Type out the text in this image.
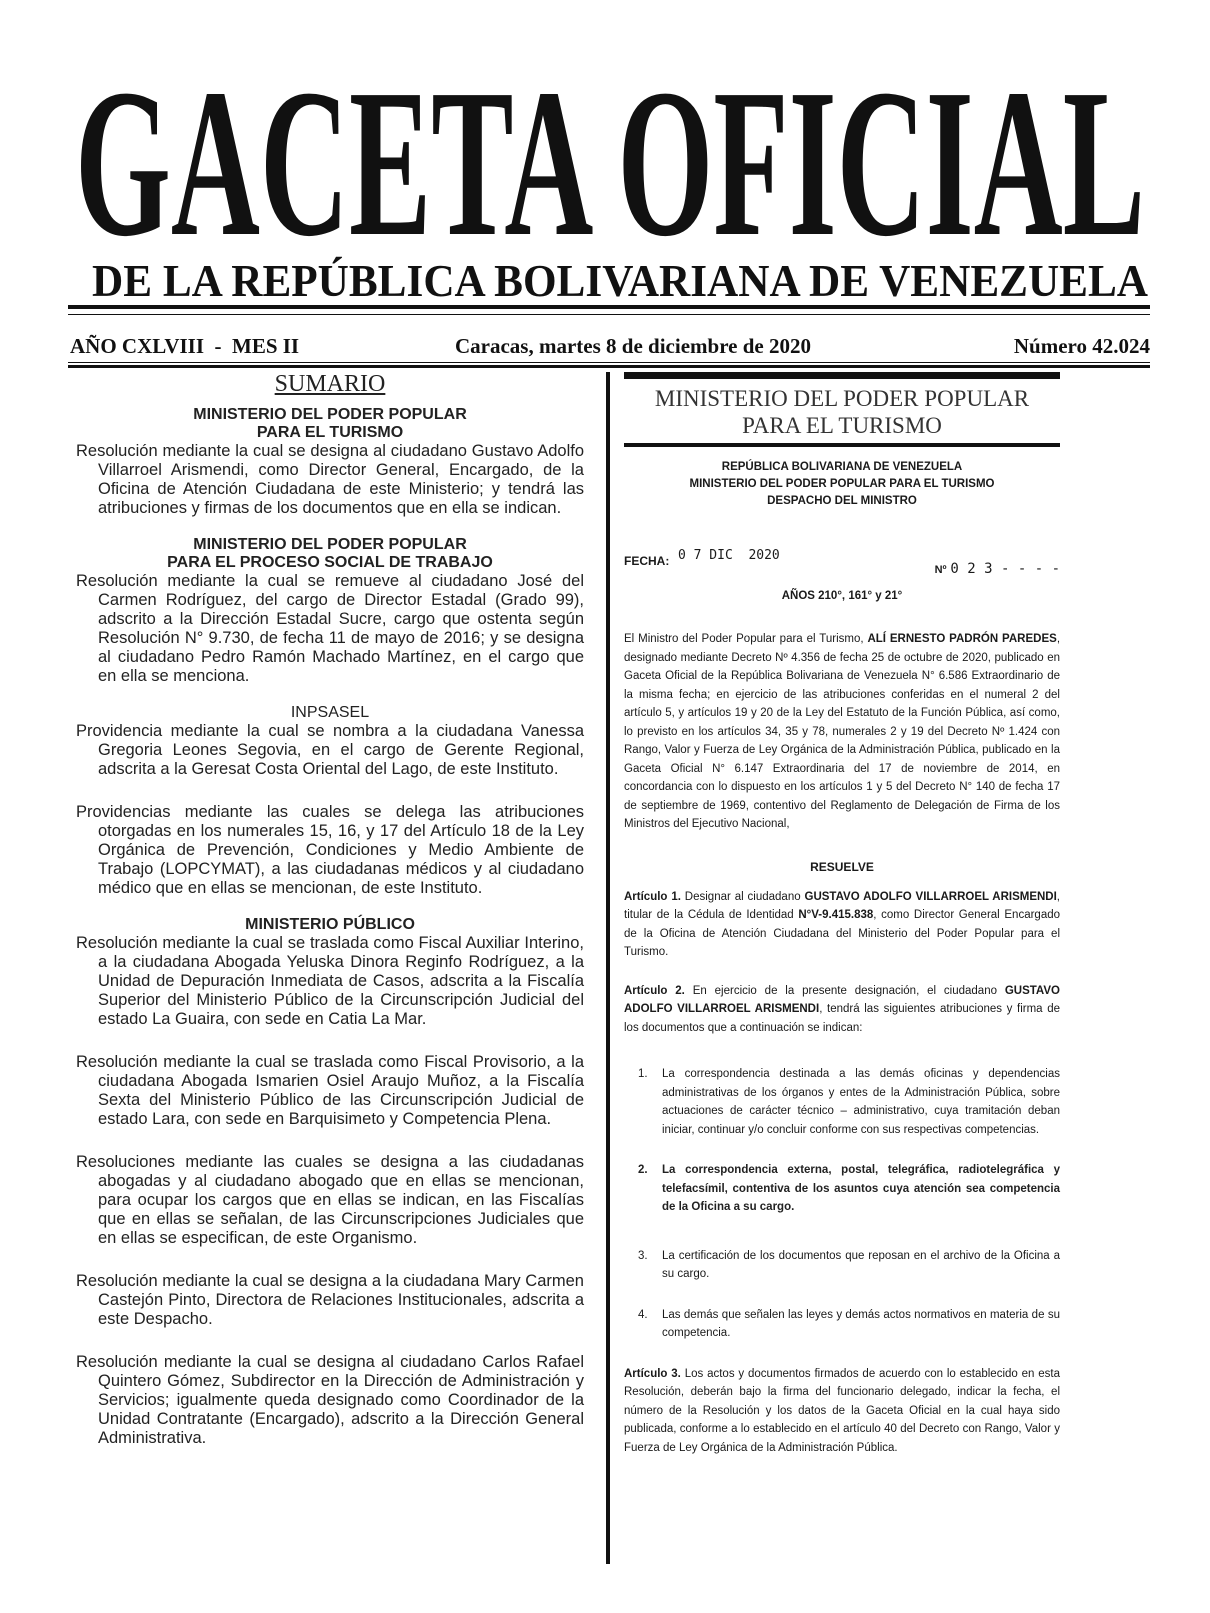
GACETA OFICIAL
DE LA REPÚBLICA BOLIVARIANA DE VENEZUELA
AÑO CXLVIII  -  MES II	Caracas, martes 8 de diciembre de 2020	Número 42.024
SUMARIO
MINISTERIO DEL PODER POPULAR
PARA EL TURISMO

Resolución mediante la cual se designa al ciudadano Gustavo Adolfo Villarroel Arismendi, como Director General, Encargado, de la Oficina de Atención Ciudadana de este Ministerio; y tendrá las atribuciones y firmas de los documentos que en ella se indican.

MINISTERIO DEL PODER POPULAR
PARA EL PROCESO SOCIAL DE TRABAJO

Resolución mediante la cual se remueve al ciudadano José del Carmen Rodríguez, del cargo de Director Estadal (Grado 99), adscrito a la Dirección Estadal Sucre, cargo que ostenta según Resolución N° 9.730, de fecha 11 de mayo de 2016; y se designa al ciudadano Pedro Ramón Machado Martínez, en el cargo que en ella se menciona.

INPSASEL

Providencia mediante la cual se nombra a la ciudadana Vanessa Gregoria Leones Segovia, en el cargo de Gerente Regional, adscrita a la Geresat Costa Oriental del Lago, de este Instituto.

Providencias mediante las cuales se delega las atribuciones otorgadas en los numerales 15, 16, y 17 del Artículo 18 de la Ley Orgánica de Prevención, Condiciones y Medio Ambiente de Trabajo (LOPCYMAT), a las ciudadanas médicos y al ciudadano médico que en ellas se mencionan, de este Instituto.

MINISTERIO PÚBLICO

Resolución mediante la cual se traslada como Fiscal Auxiliar Interino, a la ciudadana Abogada Yeluska Dinora Reginfo Rodríguez, a la Unidad de Depuración Inmediata de Casos, adscrita a la Fiscalía Superior del Ministerio Público de la Circunscripción Judicial del estado La Guaira, con sede en Catia La Mar.

Resolución mediante la cual se traslada como Fiscal Provisorio, a la ciudadana Abogada Ismarien Osiel Araujo Muñoz, a la Fiscalía Sexta del Ministerio Público de las Circunscripción Judicial de estado Lara, con sede en Barquisimeto y Competencia Plena.

Resoluciones mediante las cuales se designa a las ciudadanas abogadas y al ciudadano abogado que en ellas se mencionan, para ocupar los cargos que en ellas se indican, en las Fiscalías que en ellas se señalan, de las Circunscripciones Judiciales que en ellas se especifican, de este Organismo.

Resolución mediante la cual se designa a la ciudadana Mary Carmen Castejón Pinto, Directora de Relaciones Institucionales, adscrita a este Despacho.

Resolución mediante la cual se designa al ciudadano Carlos Rafael Quintero Gómez, Subdirector en la Dirección de Administración y Servicios; igualmente queda designado como Coordinador de la Unidad Contratante (Encargado), adscrito a la Dirección General Administrativa.

MINISTERIO DEL PODER POPULAR
PARA EL TURISMO
REPÚBLICA BOLIVARIANA DE VENEZUELA
MINISTERIO DEL PODER POPULAR PARA EL TURISMO
DESPACHO DEL MINISTRO
FECHA: 0 7 DIC  2020
Nº 0 2 3 - - - -
AÑOS 210°, 161° y 21°

El Ministro del Poder Popular para el Turismo, ALÍ ERNESTO PADRÓN PAREDES, designado mediante Decreto Nº 4.356 de fecha 25 de octubre de 2020, publicado en Gaceta Oficial de la República Bolivariana de Venezuela N° 6.586 Extraordinario de la misma fecha; en ejercicio de las atribuciones conferidas en el numeral 2 del artículo 5, y artículos 19 y 20 de la Ley del Estatuto de la Función Pública, así como, lo previsto en los artículos 34, 35 y 78, numerales 2 y 19 del Decreto Nº 1.424 con Rango, Valor y Fuerza de Ley Orgánica de la Administración Pública, publicado en la Gaceta Oficial N° 6.147 Extraordinaria del 17 de noviembre de 2014, en concordancia con lo dispuesto en los artículos 1 y 5 del Decreto N° 140 de fecha 17 de septiembre de 1969, contentivo del Reglamento de Delegación de Firma de los Ministros del Ejecutivo Nacional,

RESUELVE

Artículo 1. Designar al ciudadano GUSTAVO ADOLFO VILLARROEL ARISMENDI, titular de la Cédula de Identidad N°V-9.415.838, como Director General Encargado de la Oficina de Atención Ciudadana del Ministerio del Poder Popular para el Turismo.

Artículo 2. En ejercicio de la presente designación, el ciudadano GUSTAVO ADOLFO VILLARROEL ARISMENDI, tendrá las siguientes atribuciones y firma de los documentos que a continuación se indican:

1. La correspondencia destinada a las demás oficinas y dependencias administrativas de los órganos y entes de la Administración Pública, sobre actuaciones de carácter técnico – administrativo, cuya tramitación deban iniciar, continuar y/o concluir conforme con sus respectivas competencias.
2. La correspondencia externa, postal, telegráfica, radiotelegráfica y telefacsímil, contentiva de los asuntos cuya atención sea competencia de la Oficina a su cargo.
3. La certificación de los documentos que reposan en el archivo de la Oficina a su cargo.
4. Las demás que señalen las leyes y demás actos normativos en materia de su competencia.

Artículo 3. Los actos y documentos firmados de acuerdo con lo establecido en esta Resolución, deberán bajo la firma del funcionario delegado, indicar la fecha, el número de la Resolución y los datos de la Gaceta Oficial en la cual haya sido publicada, conforme a lo establecido en el artículo 40 del Decreto con Rango, Valor y Fuerza de Ley Orgánica de la Administración Pública.
